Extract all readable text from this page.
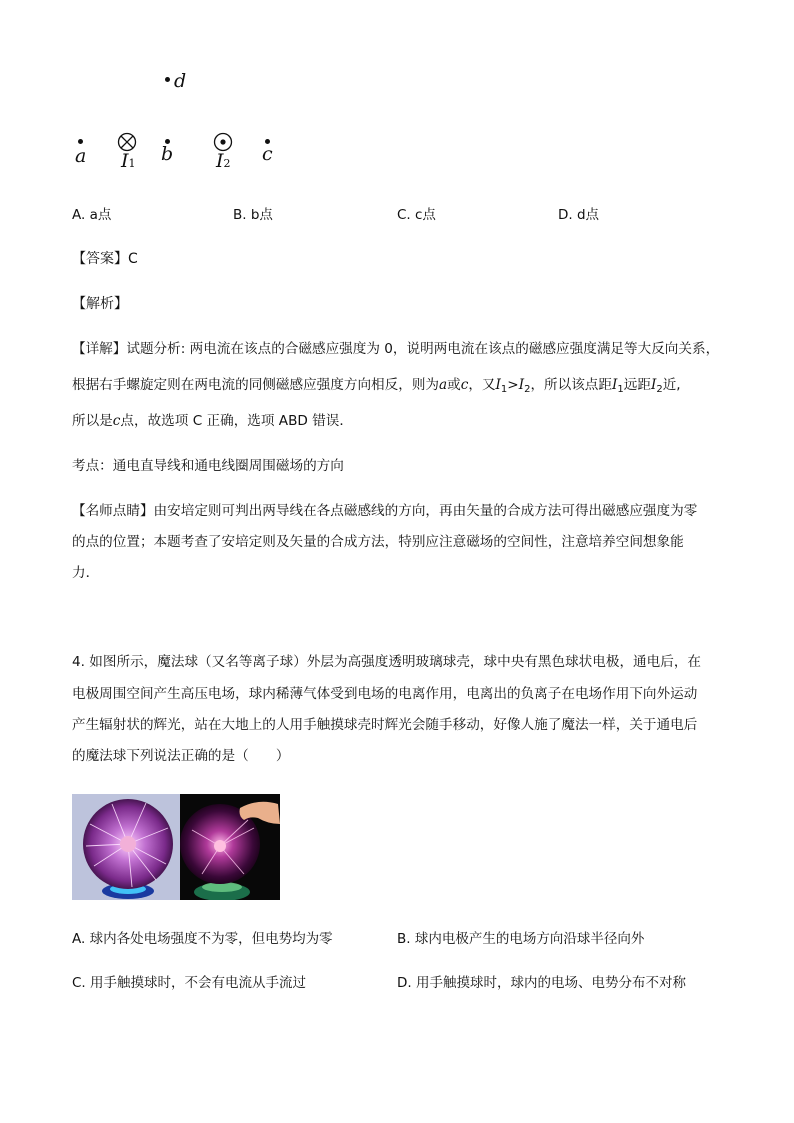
d
a I1 b I2 c
A. a点	B. b点	C. c点	D. d点
【答案】C
【解析】
【详解】试题分析: 两电流在该点的合磁感应强度为 0，说明两电流在该点的磁感应强度满足等大反向关系，
根据右手螺旋定则在两电流的同侧磁感应强度方向相反，则为a或c，又$I_1>I_2$，所以该点距$I_1$远距$I_2$近,
所以是c点，故选项 C 正确，选项 ABD 错误．
考点：通电直导线和通电线圈周围磁场的方向
【名师点睛】由安培定则可判出两导线在各点磁感线的方向，再由矢量的合成方法可得出磁感应强度为零
的点的位置；本题考查了安培定则及矢量的合成方法，特别应注意磁场的空间性，注意培养空间想象能
力．
4. 如图所示，魔法球（又名等离子球）外层为高强度透明玻璃球壳，球中央有黑色球状电极，通电后，在
电极周围空间产生高压电场，球内稀薄气体受到电场的电离作用，电离出的负离子在电场作用下向外运动
产生辐射状的辉光，站在大地上的人用手触摸球壳时辉光会随手移动，好像人施了魔法一样，关于通电后
的魔法球下列说法正确的是（　　）
A. 球内各处电场强度不为零，但电势均为零	B. 球内电极产生的电场方向沿球半径向外
C. 用手触摸球时，不会有电流从手流过	D. 用手触摸球时，球内的电场、电势分布不对称
